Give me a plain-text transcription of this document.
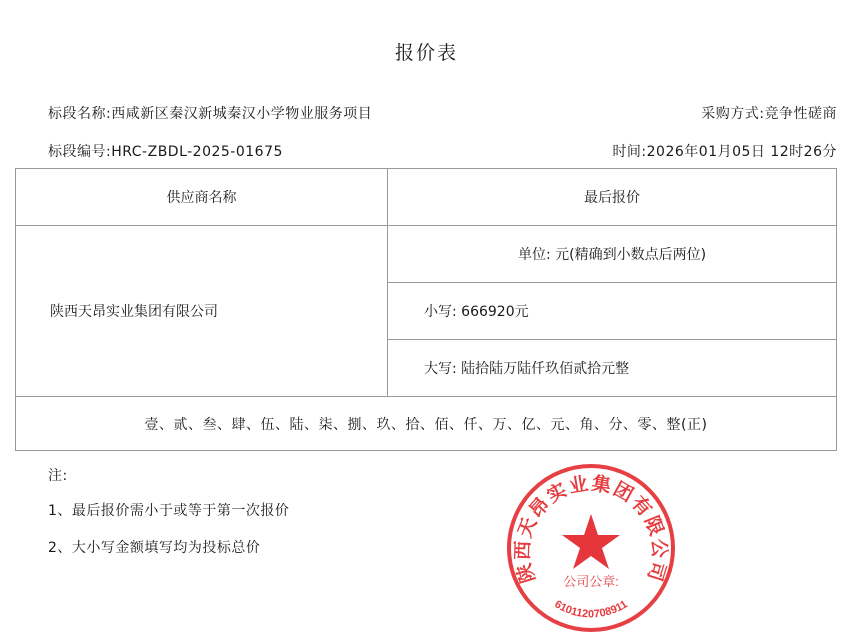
报价表
标段名称:西咸新区秦汉新城秦汉小学物业服务项目	采购方式:竞争性磋商
标段编号:HRC-ZBDL-2025-01675	时间:2026年01月05日 12时26分
供应商名称	最后报价
陕西天昂实业集团有限公司
单位: 元(精确到小数点后两位)
小写: 666920元
大写: 陆拾陆万陆仟玖佰贰拾元整
壹、贰、叁、肆、伍、陆、柒、捌、玖、拾、佰、仟、万、亿、元、角、分、零、整(正)
注:
1、最后报价需小于或等于第一次报价
2、大小写金额填写均为投标总价
陕西天昂实业集团有限公司
公司公章:
6101120708911
